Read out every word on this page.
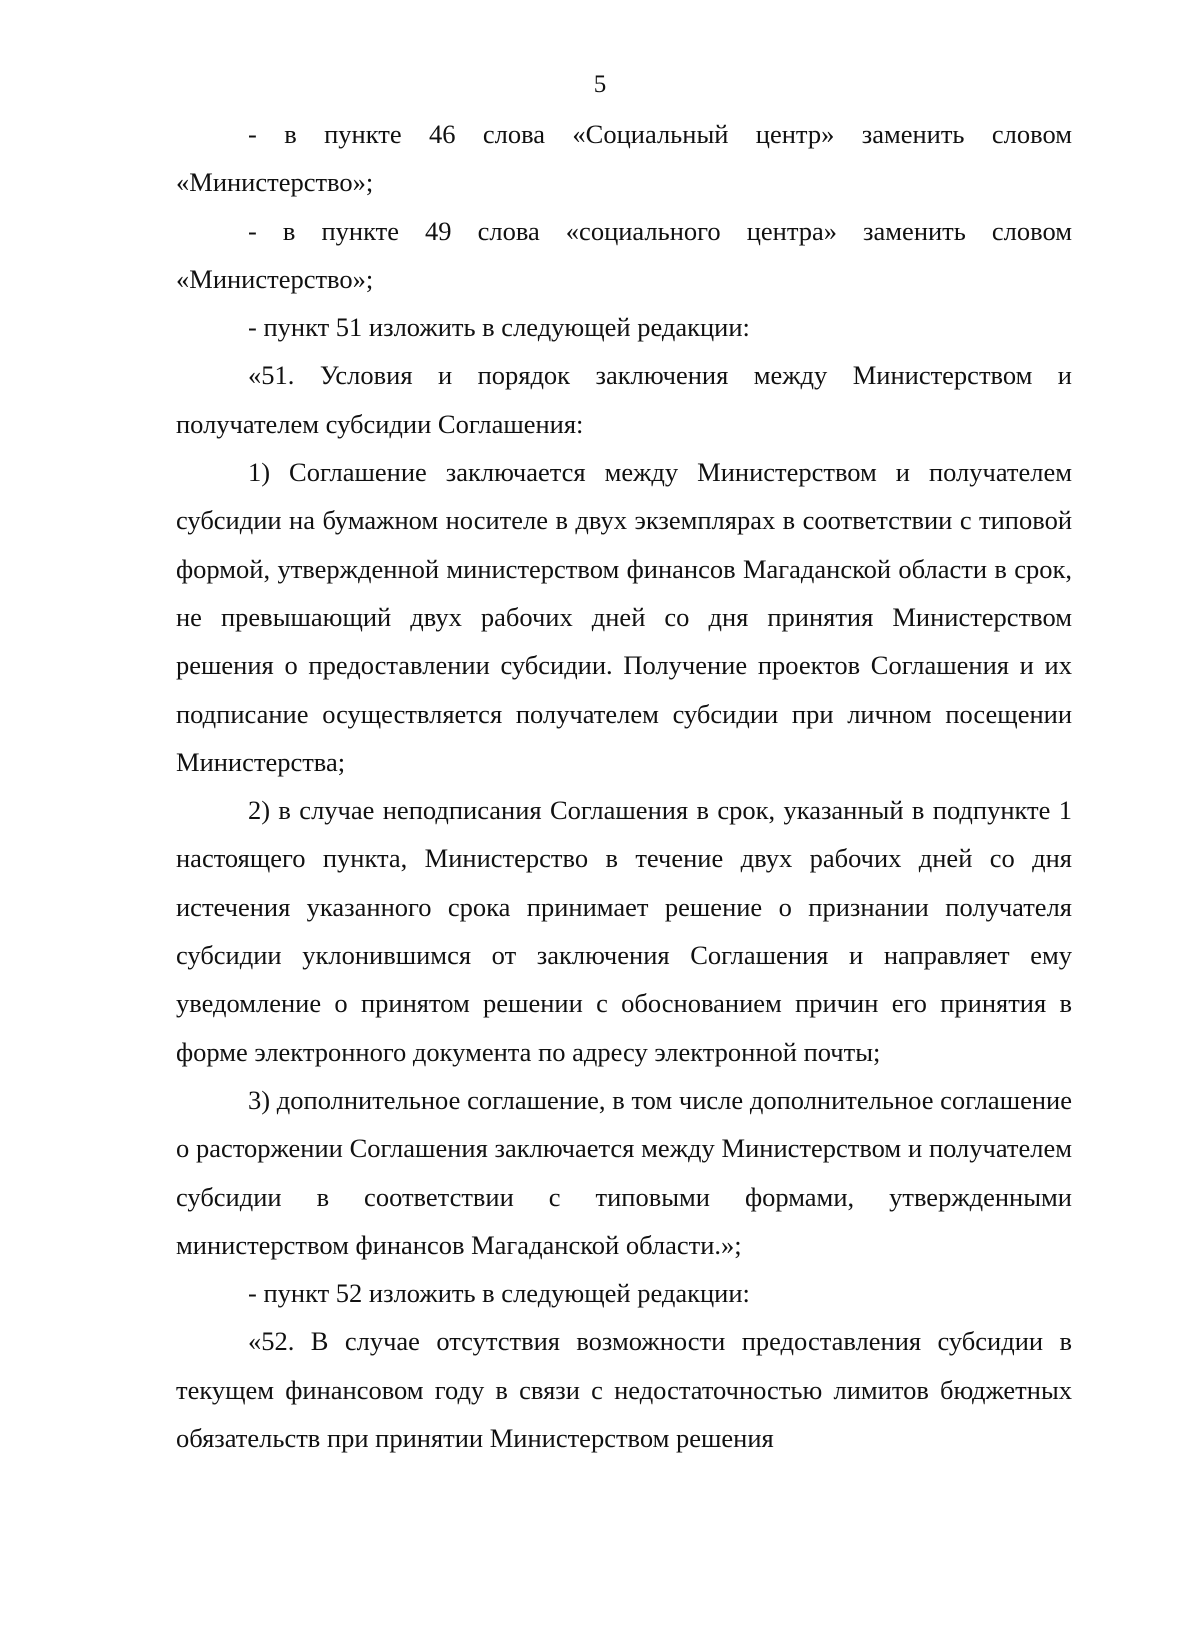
5

- в пункте 46 слова «Социальный центр» заменить словом «Министерство»;

- в пункте 49 слова «социального центра» заменить словом «Министерство»;

- пункт 51 изложить в следующей редакции:

«51. Условия и порядок заключения между Министерством и получателем субсидии Соглашения:

1) Соглашение заключается между Министерством и получателем субсидии на бумажном носителе в двух экземплярах в соответствии с типовой формой, утвержденной министерством финансов Магаданской области в срок, не превышающий двух рабочих дней со дня принятия Министерством решения о предоставлении субсидии. Получение проектов Соглашения и их подписание осуществляется получателем субсидии при личном посещении Министерства;

2) в случае неподписания Соглашения в срок, указанный в подпункте 1 настоящего пункта, Министерство в течение двух рабочих дней со дня истечения указанного срока принимает решение о признании получателя субсидии уклонившимся от заключения Соглашения и направляет ему уведомление о принятом решении с обоснованием причин его принятия в форме электронного документа по адресу электронной почты;

3) дополнительное соглашение, в том числе дополнительное соглашение о расторжении Соглашения заключается между Министерством и получателем субсидии в соответствии с типовыми формами, утвержденными министерством финансов Магаданской области.»;

- пункт 52 изложить в следующей редакции:

«52. В случае отсутствия возможности предоставления субсидии в текущем финансовом году в связи с недостаточностью лимитов бюджетных обязательств при принятии Министерством решения
